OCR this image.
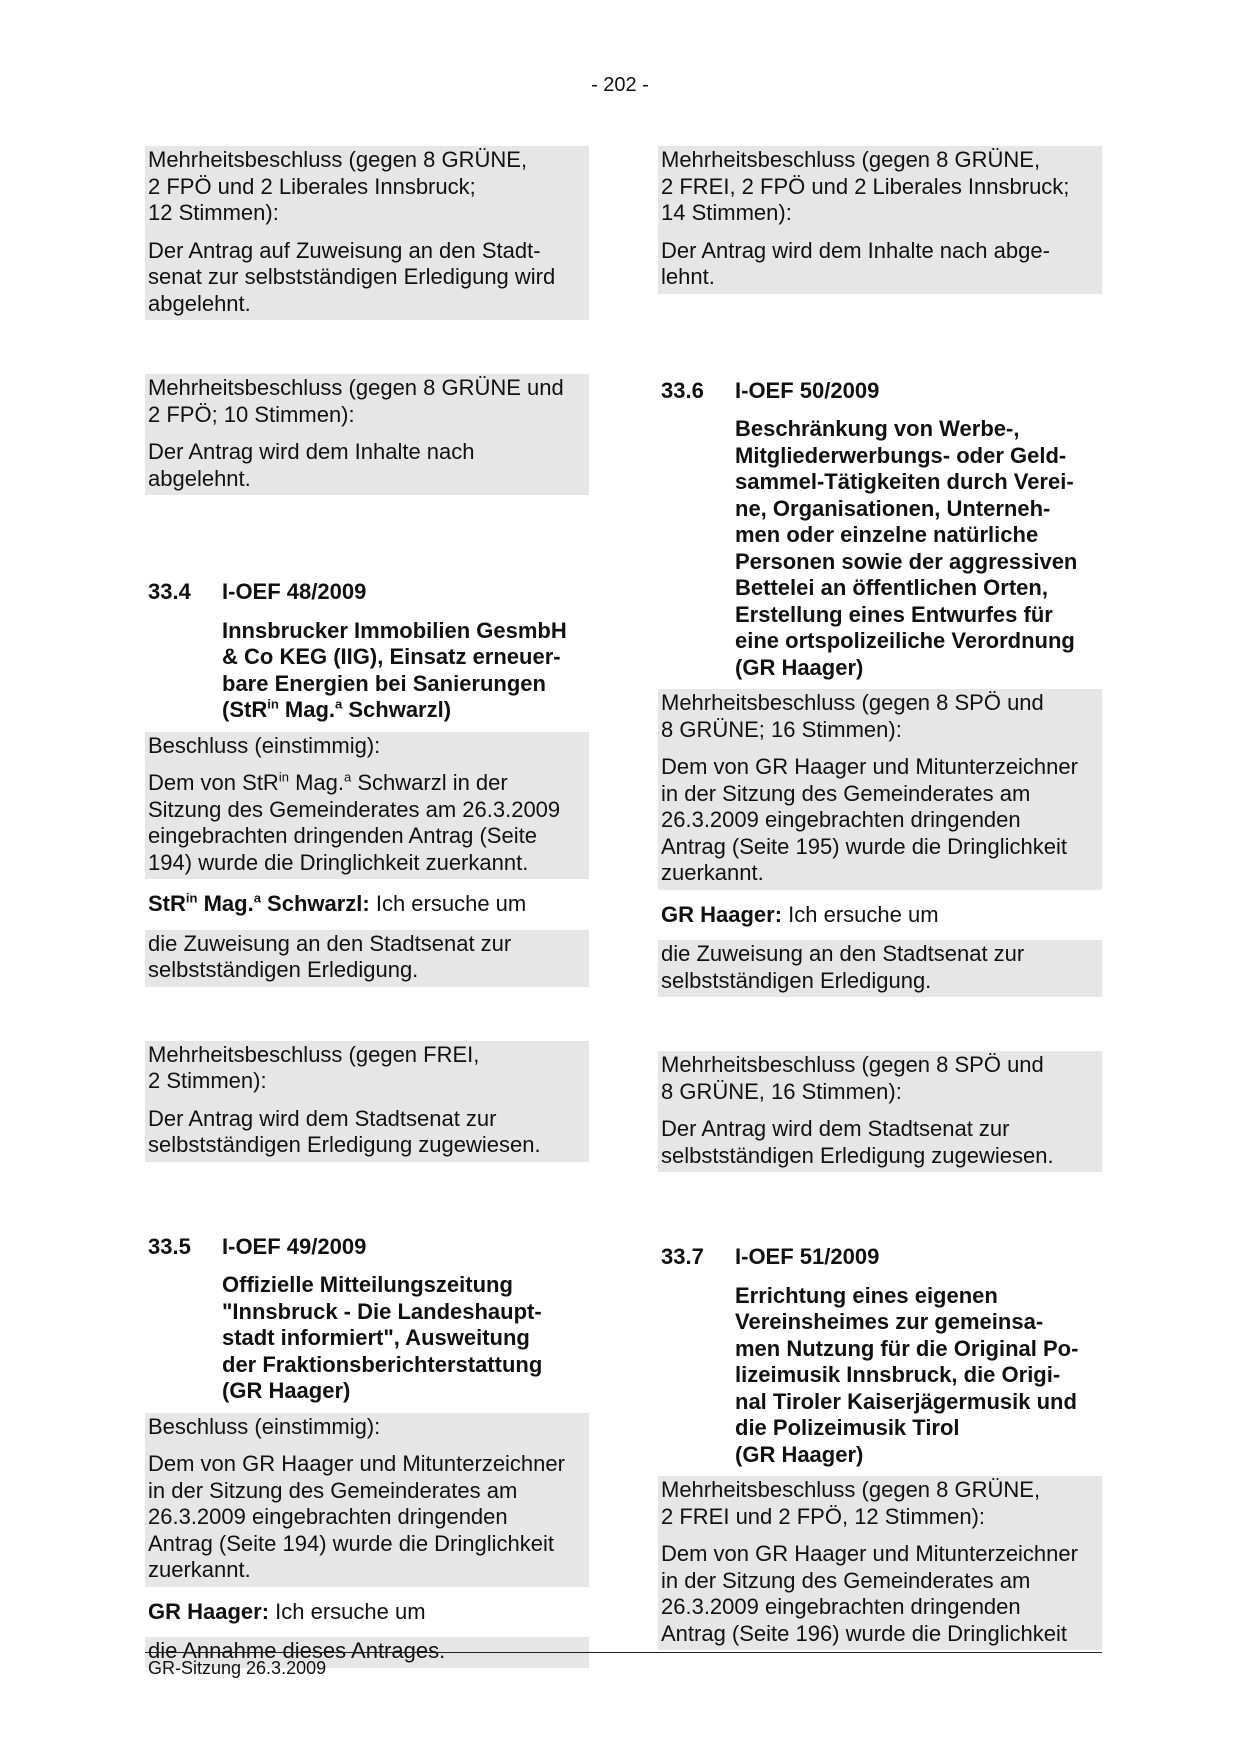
- 202 -

Mehrheitsbeschluss (gegen 8 GRÜNE,
2 FPÖ und 2 Liberales Innsbruck;
12 Stimmen):

Der Antrag auf Zuweisung an den Stadt-
senat zur selbstständigen Erledigung wird
abgelehnt.

Mehrheitsbeschluss (gegen 8 GRÜNE und
2 FPÖ; 10 Stimmen):

Der Antrag wird dem Inhalte nach
abgelehnt.

33.4 I-OEF 48/2009
Innsbrucker Immobilien GesmbH
& Co KEG (IIG), Einsatz erneuer-
bare Energien bei Sanierungen
(StR$^{in}$ Mag.$^a$ Schwarzl)

Beschluss (einstimmig):

Dem von StR$^{in}$ Mag.$^a$ Schwarzl in der
Sitzung des Gemeinderates am 26.3.2009
eingebrachten dringenden Antrag (Seite
194) wurde die Dringlichkeit zuerkannt.

StR$^{in}$ Mag.$^a$ Schwarzl: Ich ersuche um

die Zuweisung an den Stadtsenat zur
selbstständigen Erledigung.

Mehrheitsbeschluss (gegen FREI,
2 Stimmen):

Der Antrag wird dem Stadtsenat zur
selbstständigen Erledigung zugewiesen.

33.5 I-OEF 49/2009
Offizielle Mitteilungszeitung
"Innsbruck - Die Landeshaupt-
stadt informiert", Ausweitung
der Fraktionsberichterstattung
(GR Haager)

Beschluss (einstimmig):

Dem von GR Haager und Mitunterzeichner
in der Sitzung des Gemeinderates am
26.3.2009 eingebrachten dringenden
Antrag (Seite 194) wurde die Dringlichkeit
zuerkannt.

GR Haager: Ich ersuche um

die Annahme dieses Antrages.

Mehrheitsbeschluss (gegen 8 GRÜNE,
2 FREI, 2 FPÖ und 2 Liberales Innsbruck;
14 Stimmen):

Der Antrag wird dem Inhalte nach abge-
lehnt.

33.6 I-OEF 50/2009
Beschränkung von Werbe-,
Mitgliederwerbungs- oder Geld-
sammel-Tätigkeiten durch Verei-
ne, Organisationen, Unterneh-
men oder einzelne natürliche
Personen sowie der aggressiven
Bettelei an öffentlichen Orten,
Erstellung eines Entwurfes für
eine ortspolizeiliche Verordnung
(GR Haager)

Mehrheitsbeschluss (gegen 8 SPÖ und
8 GRÜNE; 16 Stimmen):

Dem von GR Haager und Mitunterzeichner
in der Sitzung des Gemeinderates am
26.3.2009 eingebrachten dringenden
Antrag (Seite 195) wurde die Dringlichkeit
zuerkannt.

GR Haager: Ich ersuche um

die Zuweisung an den Stadtsenat zur
selbstständigen Erledigung.

Mehrheitsbeschluss (gegen 8 SPÖ und
8 GRÜNE, 16 Stimmen):

Der Antrag wird dem Stadtsenat zur
selbstständigen Erledigung zugewiesen.

33.7 I-OEF 51/2009
Errichtung eines eigenen
Vereinsheimes zur gemeinsa-
men Nutzung für die Original Po-
lizeimusik Innsbruck, die Origi-
nal Tiroler Kaiserjägermusik und
die Polizeimusik Tirol
(GR Haager)

Mehrheitsbeschluss (gegen 8 GRÜNE,
2 FREI und 2 FPÖ, 12 Stimmen):

Dem von GR Haager und Mitunterzeichner
in der Sitzung des Gemeinderates am
26.3.2009 eingebrachten dringenden
Antrag (Seite 196) wurde die Dringlichkeit

GR-Sitzung 26.3.2009
